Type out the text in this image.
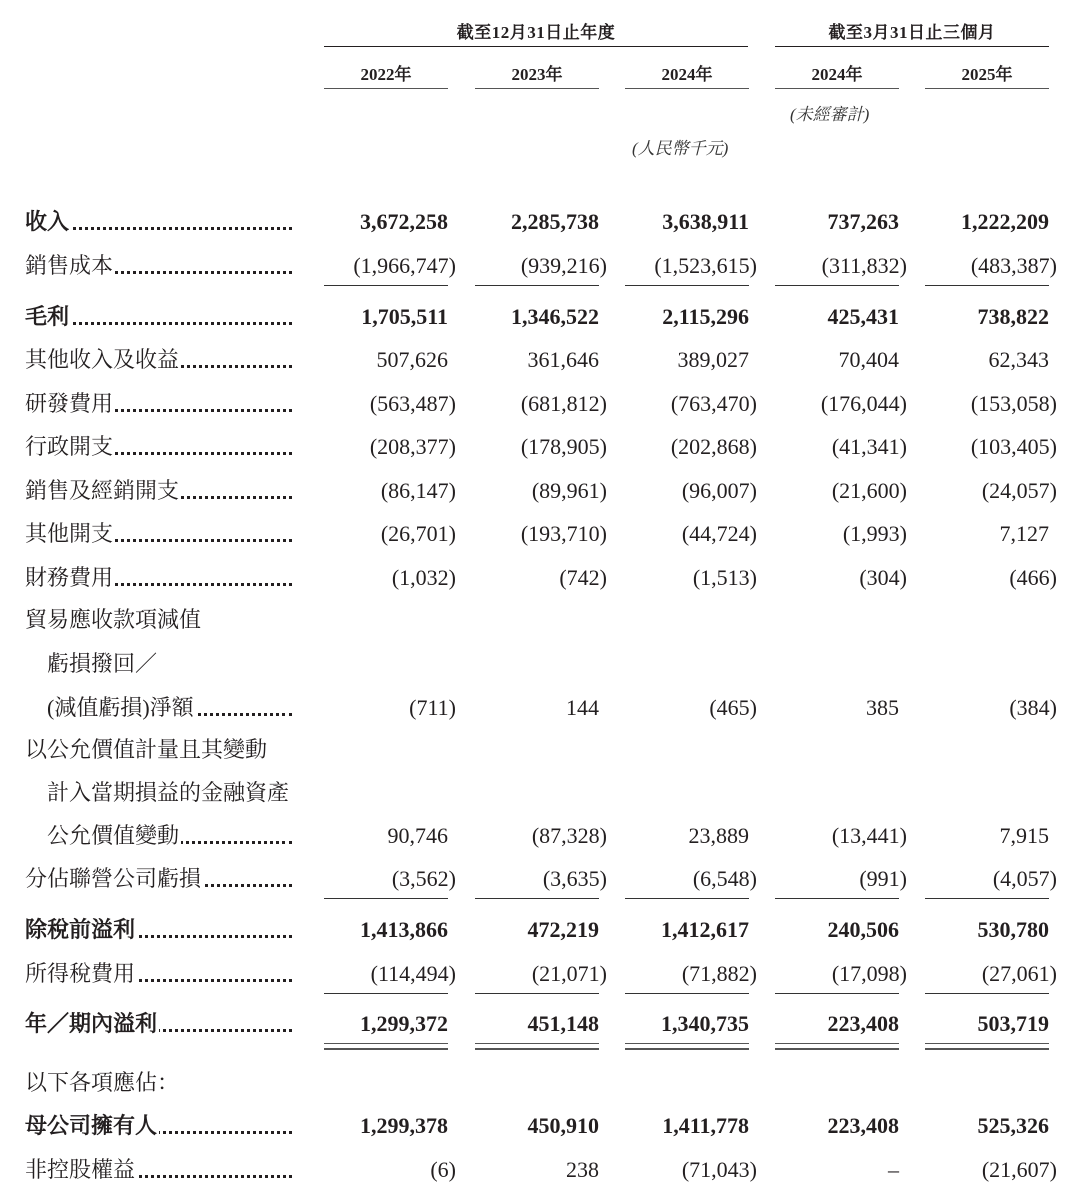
截至12月31日止年度	截至3月31日止三個月
2022年	2023年	2024年	2024年	2025年
(未經審計)
(人民幣千元)
收入	3,672,258	2,285,738	3,638,911	737,263	1,222,209
銷售成本	(1,966,747)	(939,216)	(1,523,615)	(311,832)	(483,387)
毛利	1,705,511	1,346,522	2,115,296	425,431	738,822
其他收入及收益	507,626	361,646	389,027	70,404	62,343
研發費用	(563,487)	(681,812)	(763,470)	(176,044)	(153,058)
行政開支	(208,377)	(178,905)	(202,868)	(41,341)	(103,405)
銷售及經銷開支	(86,147)	(89,961)	(96,007)	(21,600)	(24,057)
其他開支	(26,701)	(193,710)	(44,724)	(1,993)	7,127
財務費用	(1,032)	(742)	(1,513)	(304)	(466)
貿易應收款項減值
虧損撥回／
(減值虧損)淨額	(711)	144	(465)	385	(384)
以公允價值計量且其變動
計入當期損益的金融資產
公允價值變動	90,746	(87,328)	23,889	(13,441)	7,915
分佔聯營公司虧損	(3,562)	(3,635)	(6,548)	(991)	(4,057)
除稅前溢利	1,413,866	472,219	1,412,617	240,506	530,780
所得稅費用	(114,494)	(21,071)	(71,882)	(17,098)	(27,061)
年／期內溢利	1,299,372	451,148	1,340,735	223,408	503,719
以下各項應佔：
母公司擁有人	1,299,378	450,910	1,411,778	223,408	525,326
非控股權益	(6)	238	(71,043)	–	(21,607)
